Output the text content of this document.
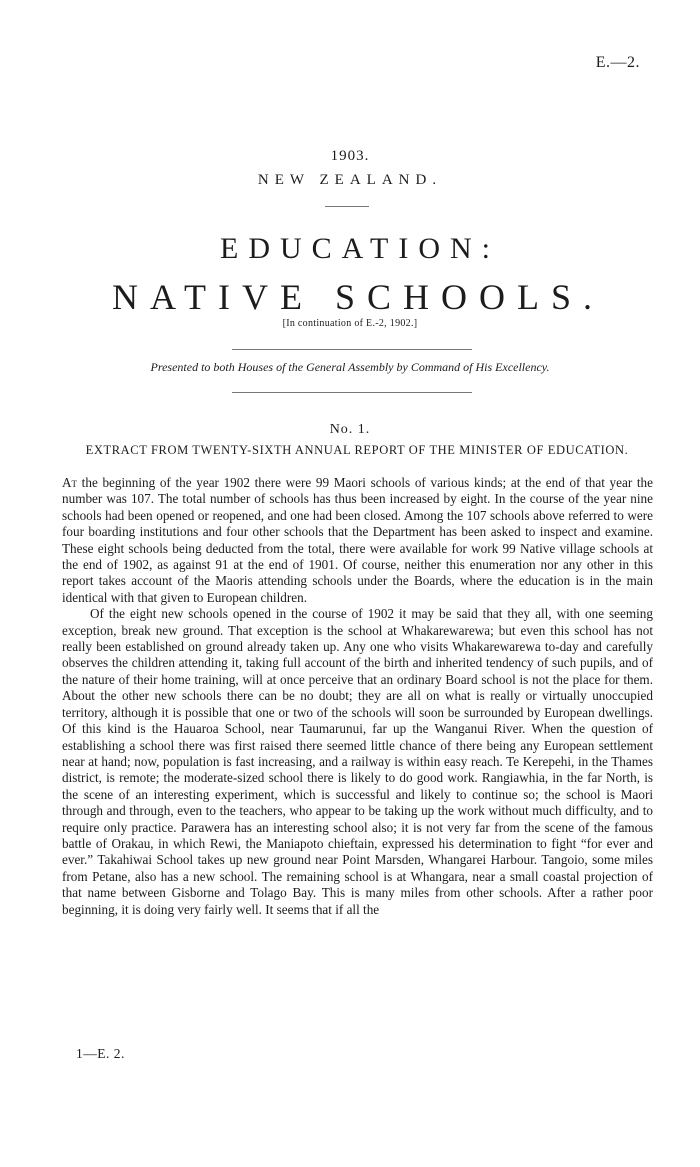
E.—2.
1903.
NEW ZEALAND.
EDUCATION:
NATIVE SCHOOLS.
[In continuation of E.-2, 1902.]
Presented to both Houses of the General Assembly by Command of His Excellency.
No. 1.
EXTRACT FROM TWENTY-SIXTH ANNUAL REPORT OF THE MINISTER OF EDUCATION.

At the beginning of the year 1902 there were 99 Maori schools of various kinds; at the end of that year the number was 107. The total number of schools has thus been increased by eight. In the course of the year nine schools had been opened or reopened, and one had been closed. Among the 107 schools above referred to were four boarding institutions and four other schools that the Department has been asked to inspect and examine. These eight schools being deducted from the total, there were available for work 99 Native village schools at the end of 1902, as against 91 at the end of 1901. Of course, neither this enumeration nor any other in this report takes account of the Maoris attending schools under the Boards, where the education is in the main identical with that given to European children.

Of the eight new schools opened in the course of 1902 it may be said that they all, with one seeming exception, break new ground. That exception is the school at Whakarewarewa; but even this school has not really been established on ground already taken up. Any one who visits Whakarewarewa to-day and carefully observes the children attending it, taking full account of the birth and inherited tendency of such pupils, and of the nature of their home training, will at once perceive that an ordinary Board school is not the place for them. About the other new schools there can be no doubt; they are all on what is really or virtually unoccupied territory, although it is possible that one or two of the schools will soon be surrounded by European dwellings. Of this kind is the Hauaroa School, near Taumarunui, far up the Wanganui River. When the question of establishing a school there was first raised there seemed little chance of there being any European settlement near at hand; now, population is fast increasing, and a railway is within easy reach. Te Kerepehi, in the Thames district, is remote; the moderate-sized school there is likely to do good work. Rangiawhia, in the far North, is the scene of an interesting experiment, which is successful and likely to continue so; the school is Maori through and through, even to the teachers, who appear to be taking up the work without much difficulty, and to require only practice. Parawera has an interesting school also; it is not very far from the scene of the famous battle of Orakau, in which Rewi, the Maniapoto chieftain, expressed his determination to fight “for ever and ever.” Takahiwai School takes up new ground near Point Marsden, Whangarei Harbour. Tangoio, some miles from Petane, also has a new school. The remaining school is at Whangara, near a small coastal projection of that name between Gisborne and Tolago Bay. This is many miles from other schools. After a rather poor beginning, it is doing very fairly well. It seems that if all the

1—E. 2.
